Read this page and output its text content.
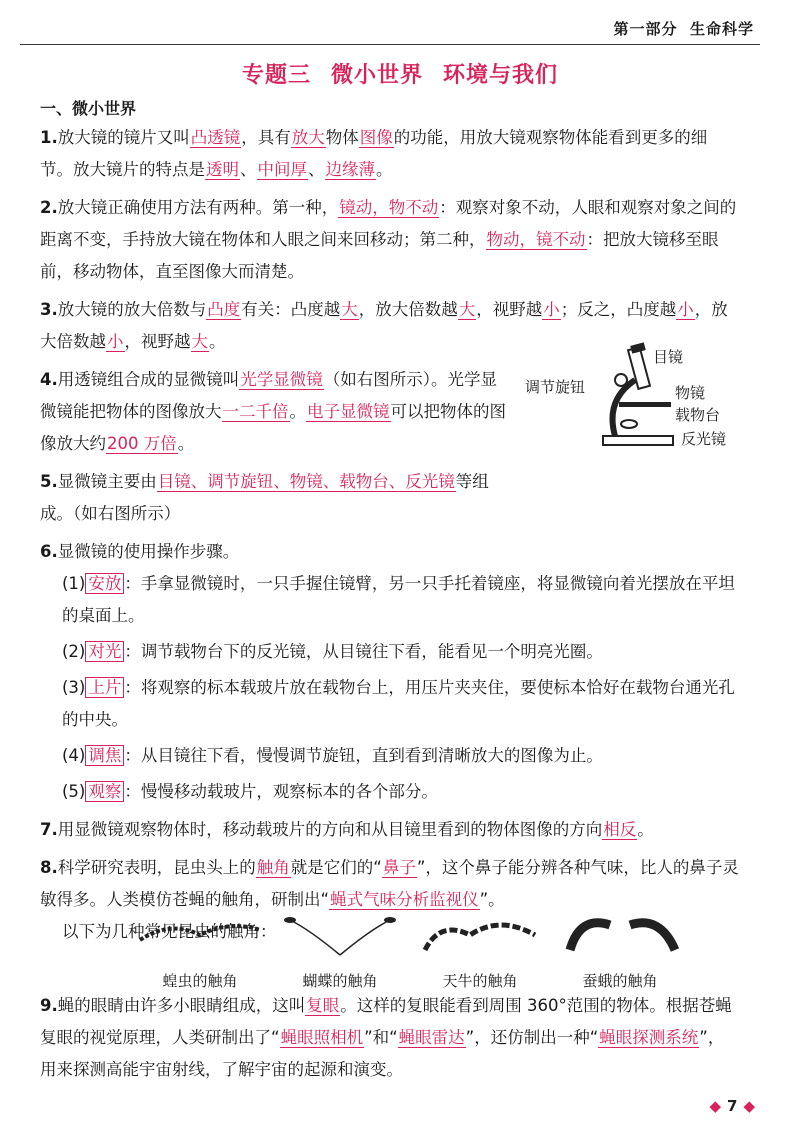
第一部分 生命科学
专题三 微小世界 环境与我们
一、微小世界
1.放大镜的镜片又叫凸透镜，具有放大物体图像的功能，用放大镜观察物体能看到更多的细节。放大镜片的特点是透明、中间厚、边缘薄。
2.放大镜正确使用方法有两种。第一种，镜动，物不动：观察对象不动，人眼和观察对象之间的距离不变，手持放大镜在物体和人眼之间来回移动；第二种，物动，镜不动：把放大镜移至眼前，移动物体，直至图像大而清楚。
3.放大镜的放大倍数与凸度有关：凸度越大，放大倍数越大，视野越小；反之，凸度越小，放大倍数越小，视野越大。
4.用透镜组合成的显微镜叫光学显微镜（如右图所示）。光学显微镜能把物体的图像放大一二千倍。电子显微镜可以把物体的图像放大约200 万倍。
5.显微镜主要由目镜、调节旋钮、物镜、载物台、反光镜等组成。（如右图所示）
6.显微镜的使用操作步骤。
(1) 安放 ：手拿显微镜时，一只手握住镜臂，另一只手托着镜座，将显微镜向着光摆放在平坦的桌面上。
(2) 对光 ：调节载物台下的反光镜，从目镜往下看，能看见一个明亮光圈。
(3) 上片 ：将观察的标本载玻片放在载物台上，用压片夹夹住，要使标本恰好在载物台通光孔的中央。
(4) 调焦 ：从目镜往下看，慢慢调节旋钮，直到看到清晰放大的图像为止。
(5) 观察 ：慢慢移动载玻片，观察标本的各个部分。
7.用显微镜观察物体时，移动载玻片的方向和从目镜里看到的物体图像的方向相反。
8.科学研究表明，昆虫头上的触角就是它们的“鼻子”，这个鼻子能分辨各种气味，比人的鼻子灵敏得多。人类模仿苍蝇的触角，研制出“蝇式气味分析监视仪”。
以下为几种常见昆虫的触角：
目镜
调节旋钮	物镜
载物台
反光镜
蝗虫的触角	蝴蝶的触角	天牛的触角	蚕蛾的触角
9.蝇的眼睛由许多小眼睛组成，这叫复眼。这样的复眼能看到周围 360°范围的物体。根据苍蝇复眼的视觉原理，人类研制出了“蝇眼照相机”和“蝇眼雷达”，还仿制出一种“蝇眼探测系统”，用来探测高能宇宙射线，了解宇宙的起源和演变。
◆ 7 ◆
